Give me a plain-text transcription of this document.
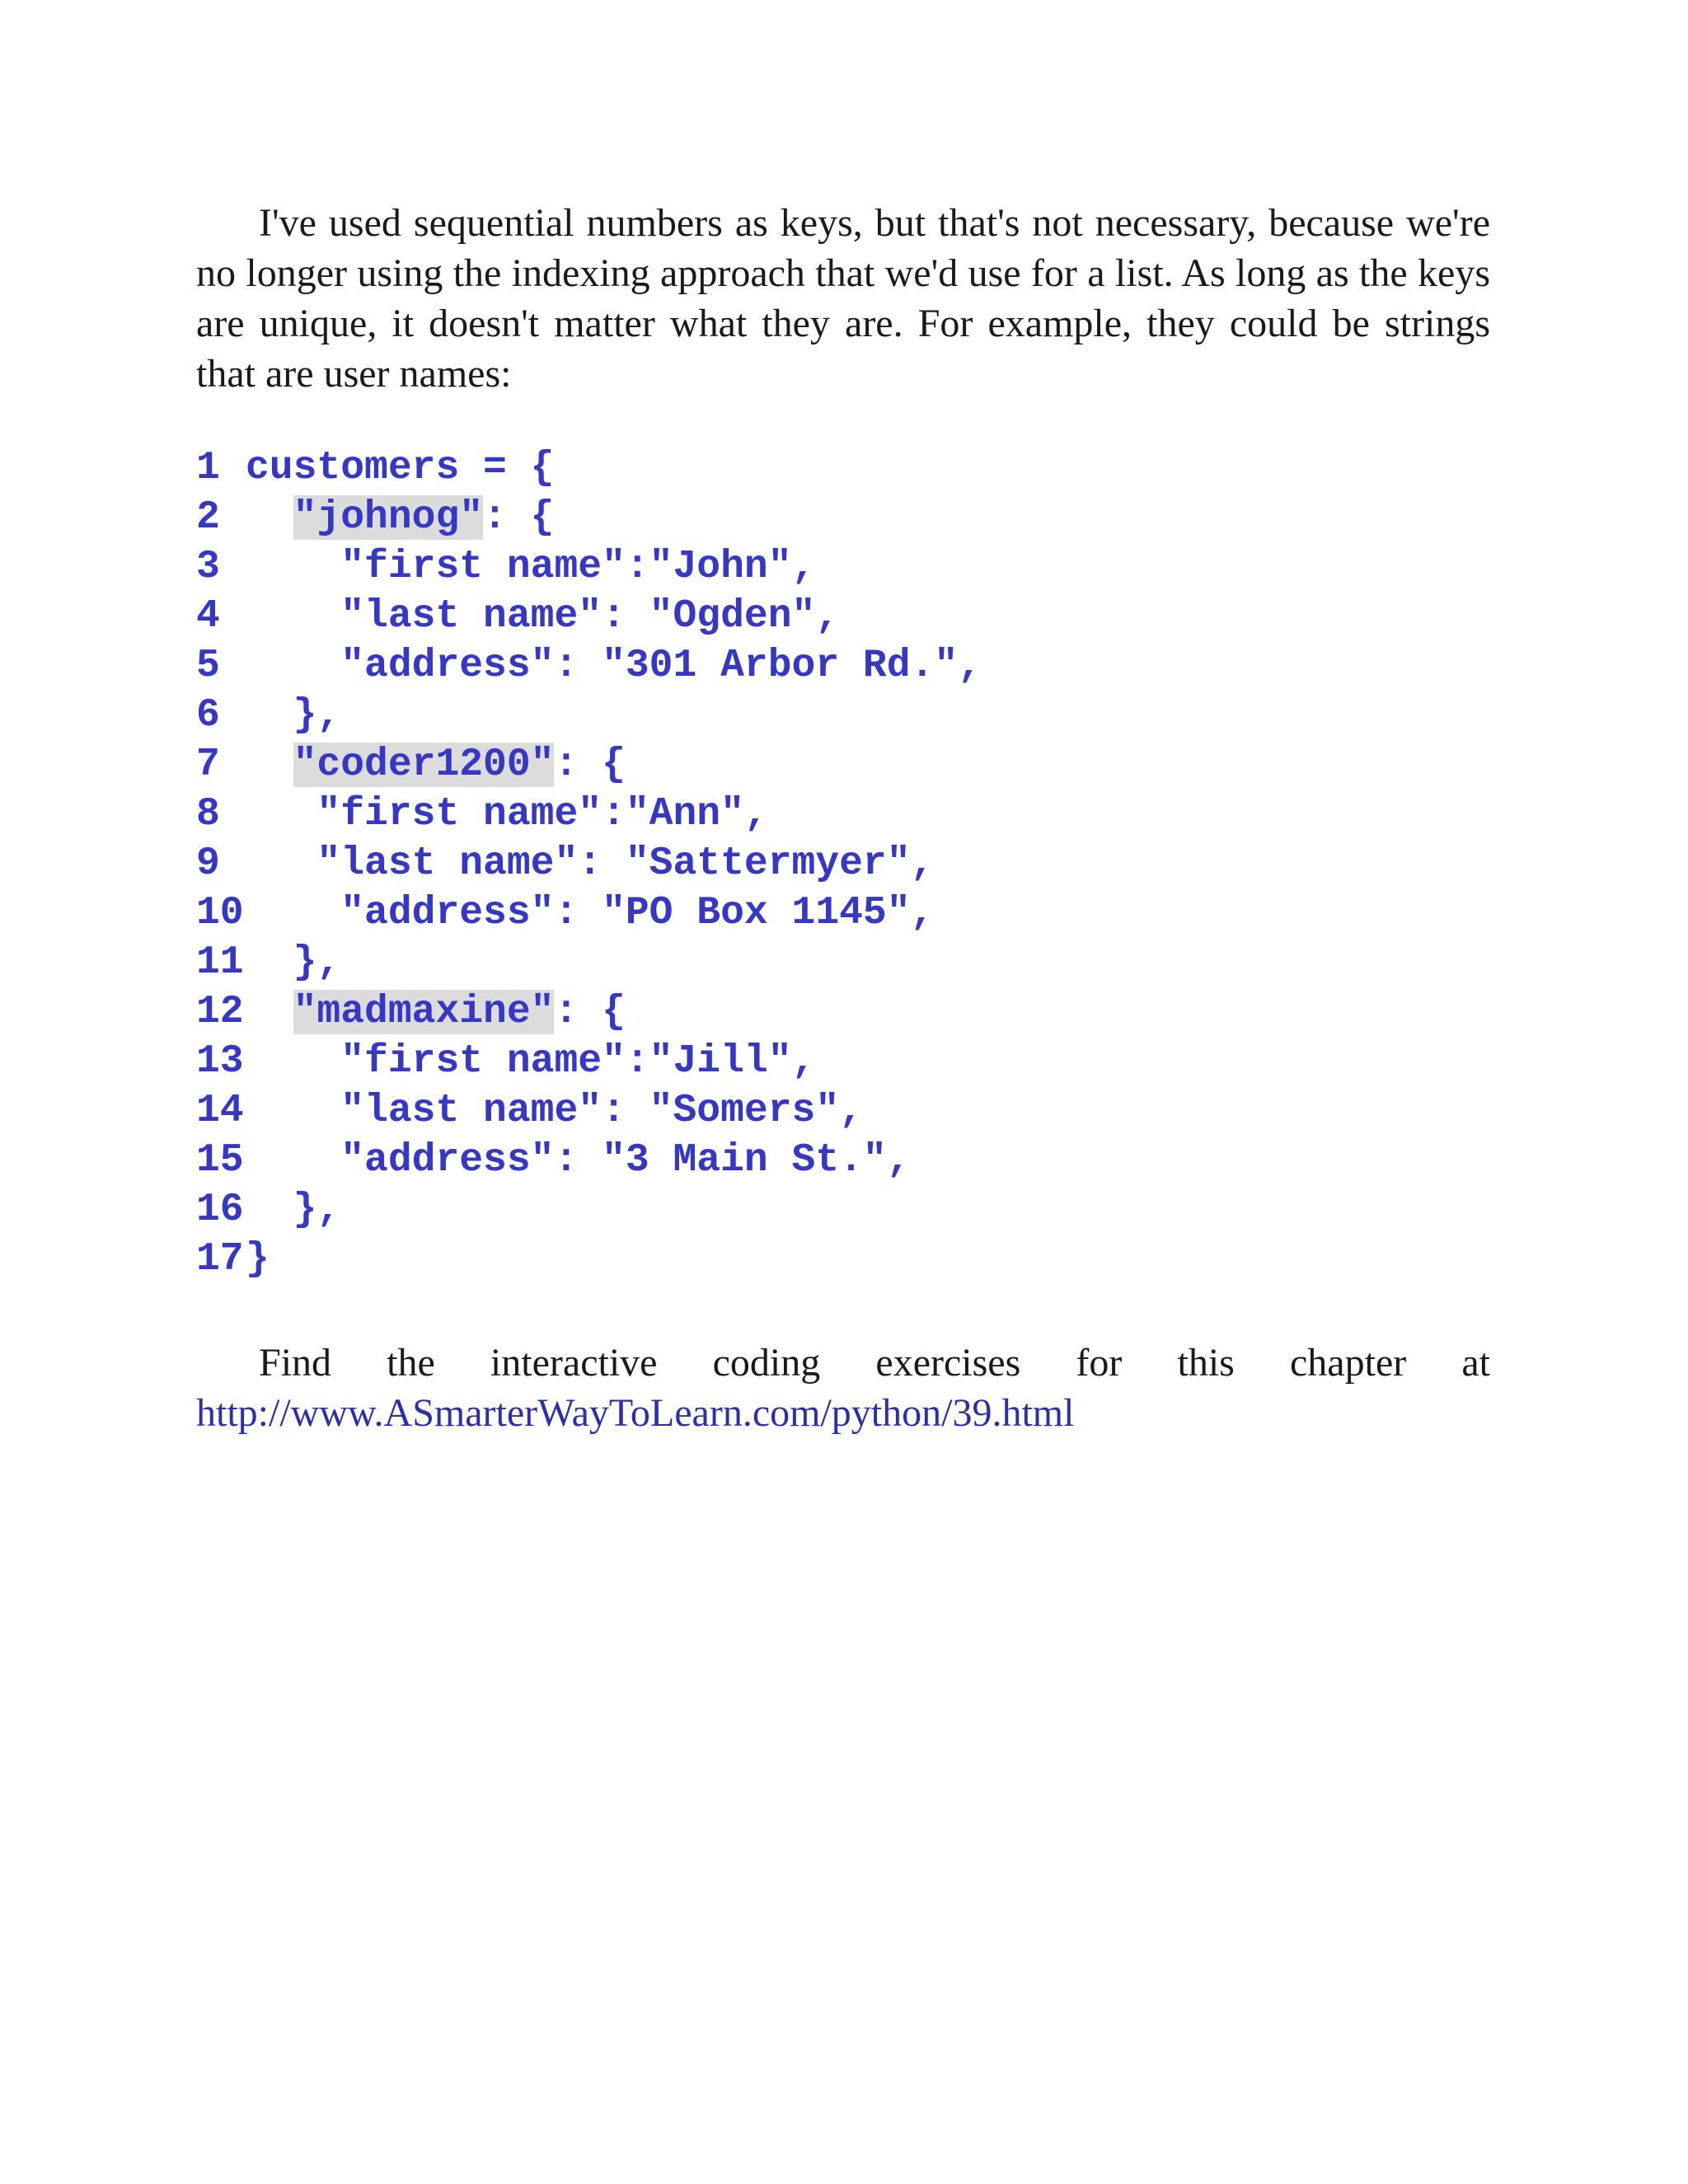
I've used sequential numbers as keys, but that's not necessary, because we're no longer using the indexing approach that we'd use for a list. As long as the keys are unique, it doesn't matter what they are. For example, they could be strings that are user names:

1 customers = {
2 "johnog": {
3    "first name":"John",
4    "last name": "Ogden",
5    "address": "301 Arbor Rd.",
6  },
7 "coder1200": {
8   "first name":"Ann",
9   "last name": "Sattermyer",
10    "address": "PO Box 1145",
11  },
12 "madmaxine": {
13    "first name":"Jill",
14    "last name": "Somers",
15    "address": "3 Main St.",
16  },
17}

Find the interactive coding exercises for this chapter at
http://www.ASmarterWayToLearn.com/python/39.html
